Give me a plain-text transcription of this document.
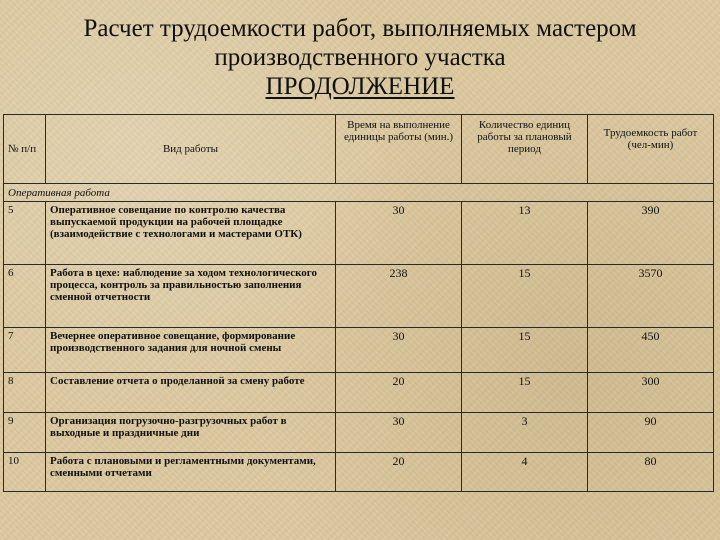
Расчет трудоемкости работ, выполняемых мастером
производственного участка
ПРОДОЛЖЕНИЕ
№ п/п	Вид работы	Время на выполнение единицы работы (мин.)	Количество единиц работы за плановый период	Трудоемкость работ (чел-мин)
Оперативная работа				
5	Оперативное совещание по контролю качества выпускаемой продукции на рабочей площадке (взаимодействие с технологами и мастерами ОТК)	30	13	390
6	Работа в цехе: наблюдение за ходом технологического процесса, контроль за правильностью заполнения сменной отчетности	238	15	3570
7	Вечернее оперативное совещание, формирование производственного задания для ночной смены	30	15	450
8	Составление отчета о проделанной за смену работе	20	15	300
9	Организация погрузочно-разгрузочных работ в выходные и праздничные дни	30	3	90
10	Работа с плановыми и регламентными документами, сменными отчетами	20	4	80
